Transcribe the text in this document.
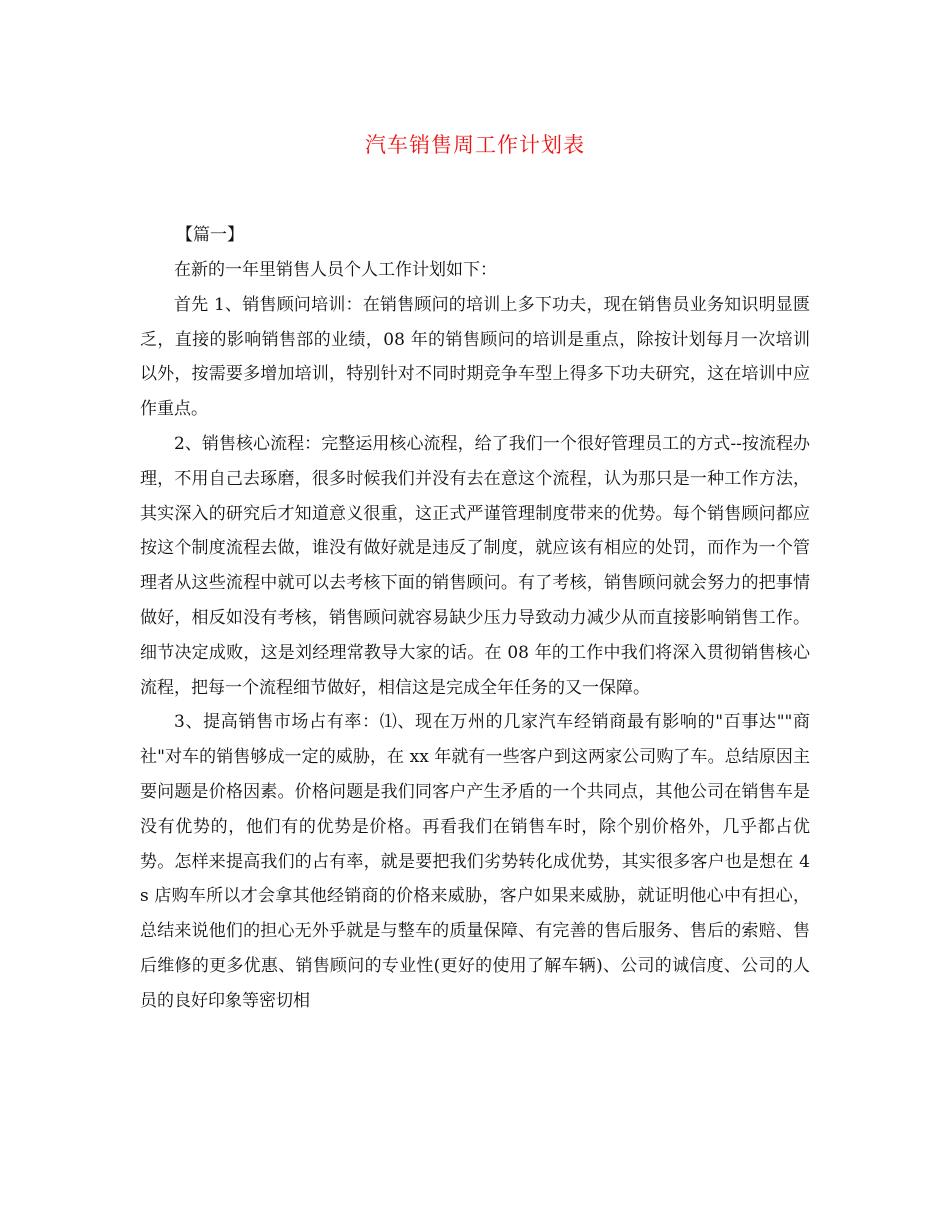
汽车销售周工作计划表

【篇一】

在新的一年里销售人员个人工作计划如下：

首先 1、销售顾问培训：在销售顾问的培训上多下功夫，现在销售员业务知识明显匮乏，直接的影响销售部的业绩，08 年的销售顾问的培训是重点，除按计划每月一次培训以外，按需要多增加培训，特别针对不同时期竞争车型上得多下功夫研究，这在培训中应作重点。

2、销售核心流程：完整运用核心流程，给了我们一个很好管理员工的方式--按流程办理，不用自己去琢磨，很多时候我们并没有去在意这个流程，认为那只是一种工作方法，其实深入的研究后才知道意义很重，这正式严谨管理制度带来的优势。每个销售顾问都应按这个制度流程去做，谁没有做好就是违反了制度，就应该有相应的处罚，而作为一个管理者从这些流程中就可以去考核下面的销售顾问。有了考核，销售顾问就会努力的把事情做好，相反如没有考核，销售顾问就容易缺少压力导致动力减少从而直接影响销售工作。细节决定成败，这是刘经理常教导大家的话。在 08 年的工作中我们将深入贯彻销售核心流程，把每一个流程细节做好，相信这是完成全年任务的又一保障。

3、提高销售市场占有率：⑴、现在万州的几家汽车经销商最有影响的"百事达""商社"对车的销售够成一定的威胁，在 xx 年就有一些客户到这两家公司购了车。总结原因主要问题是价格因素。价格问题是我们同客户产生矛盾的一个共同点，其他公司在销售车是没有优势的，他们有的优势是价格。再看我们在销售车时，除个别价格外，几乎都占优势。怎样来提高我们的占有率，就是要把我们劣势转化成优势，其实很多客户也是想在 4s 店购车所以才会拿其他经销商的价格来威胁，客户如果来威胁，就证明他心中有担心，总结来说他们的担心无外乎就是与整车的质量保障、有完善的售后服务、售后的索赔、售后维修的更多优惠、销售顾问的专业性(更好的使用了解车辆)、公司的诚信度、公司的人员的良好印象等密切相
